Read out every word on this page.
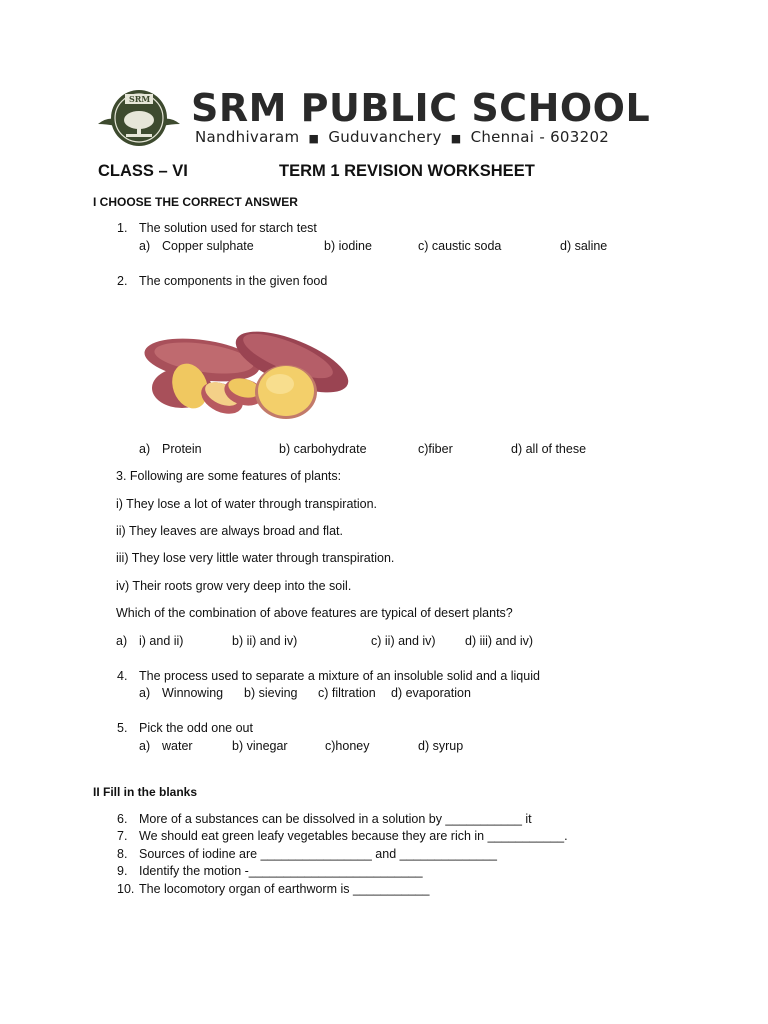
SRM SRM PUBLIC SCHOOL
Nandhivaram ■ Guduvanchery ■ Chennai - 603202
CLASS – VI	TERM 1 REVISION WORKSHEET
I CHOOSE THE CORRECT ANSWER
1. The solution used for starch test
a) Copper sulphate	b) iodine	c) caustic soda	d) saline
2. The components in the given food
a) Protein	b) carbohydrate	c)fiber	d) all of these
3. Following are some features of plants:
i) They lose a lot of water through transpiration.
ii) They leaves are always broad and flat.
iii) They lose very little water through transpiration.
iv) Their roots grow very deep into the soil.
Which of the combination of above features are typical of desert plants?
a) i) and ii)	b) ii) and iv)	c) ii) and iv) d) iii) and iv)
4. The process used to separate a mixture of an insoluble solid and a liquid
a) Winnowing b) sieving c) filtration d) evaporation
5. Pick the odd one out
a) water	b) vinegar	c)honey	d) syrup
II Fill in the blanks
6. More of a substances can be dissolved in a solution by ___________ it
7. We should eat green leafy vegetables because they are rich in ___________.
8. Sources of iodine are ________________ and ______________
9. Identify the motion -_________________________
10. The locomotory organ of earthworm is ___________
